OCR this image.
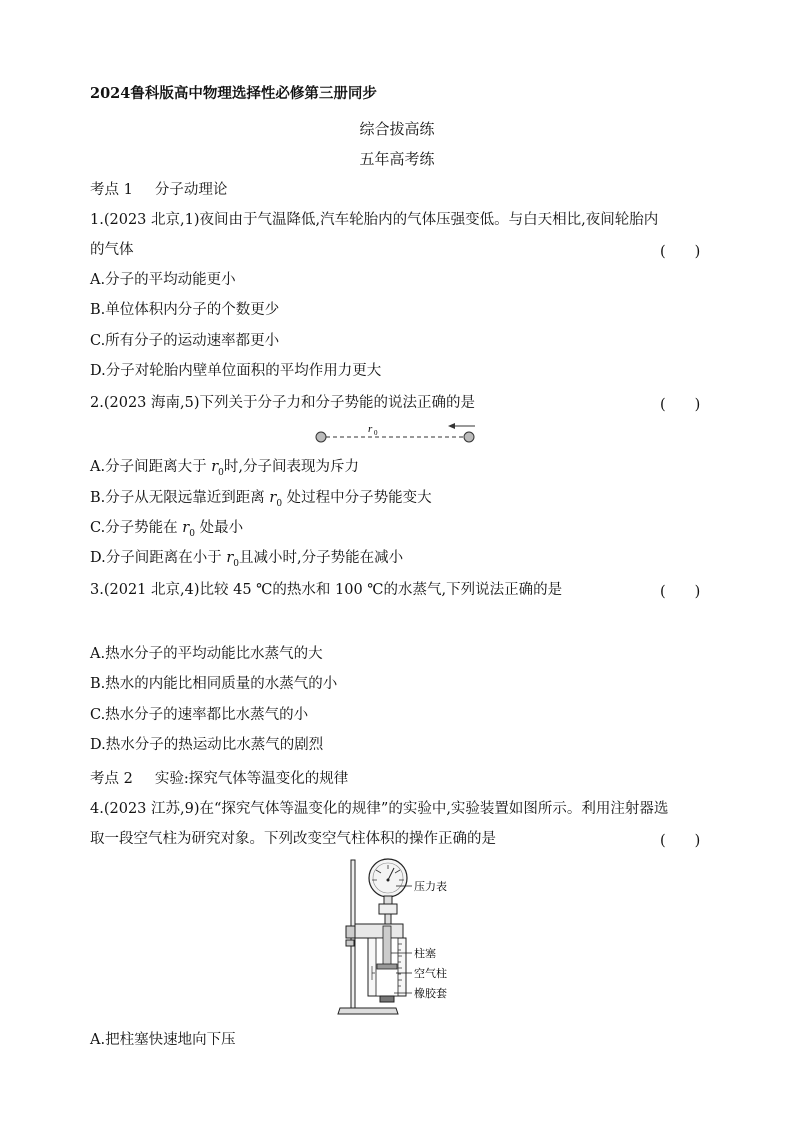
2024鲁科版高中物理选择性必修第三册同步
综合拔高练
五年高考练
考点 1 分子动理论
1.(2023 北京,1)夜间由于气温降低,汽车轮胎内的气体压强变低。与白天相比,夜间轮胎内
的气体	(　　)
A.分子的平均动能更小
B.单位体积内分子的个数更少
C.所有分子的运动速率都更小
D.分子对轮胎内壁单位面积的平均作用力更大
2.(2023 海南,5)下列关于分子力和分子势能的说法正确的是	(　　)
r 0
A.分子间距离大于 $r_0$时,分子间表现为斥力
B.分子从无限远靠近到距离 $r_0$ 处过程中分子势能变大
C.分子势能在 $r_0$ 处最小
D.分子间距离在小于 $r_0$且减小时,分子势能在减小
3.(2021 北京,4)比较 45 ℃的热水和 100 ℃的水蒸气,下列说法正确的是	(　　)
A.热水分子的平均动能比水蒸气的大
B.热水的内能比相同质量的水蒸气的小
C.热水分子的速率都比水蒸气的小
D.热水分子的热运动比水蒸气的剧烈
考点 2 实验:探究气体等温变化的规律
4.(2023 江苏,9)在“探究气体等温变化的规律”的实验中,实验装置如图所示。利用注射器选
取一段空气柱为研究对象。下列改变空气柱体积的操作正确的是	(　　)
压力表
柱塞
空气柱
橡胶套
A.把柱塞快速地向下压
